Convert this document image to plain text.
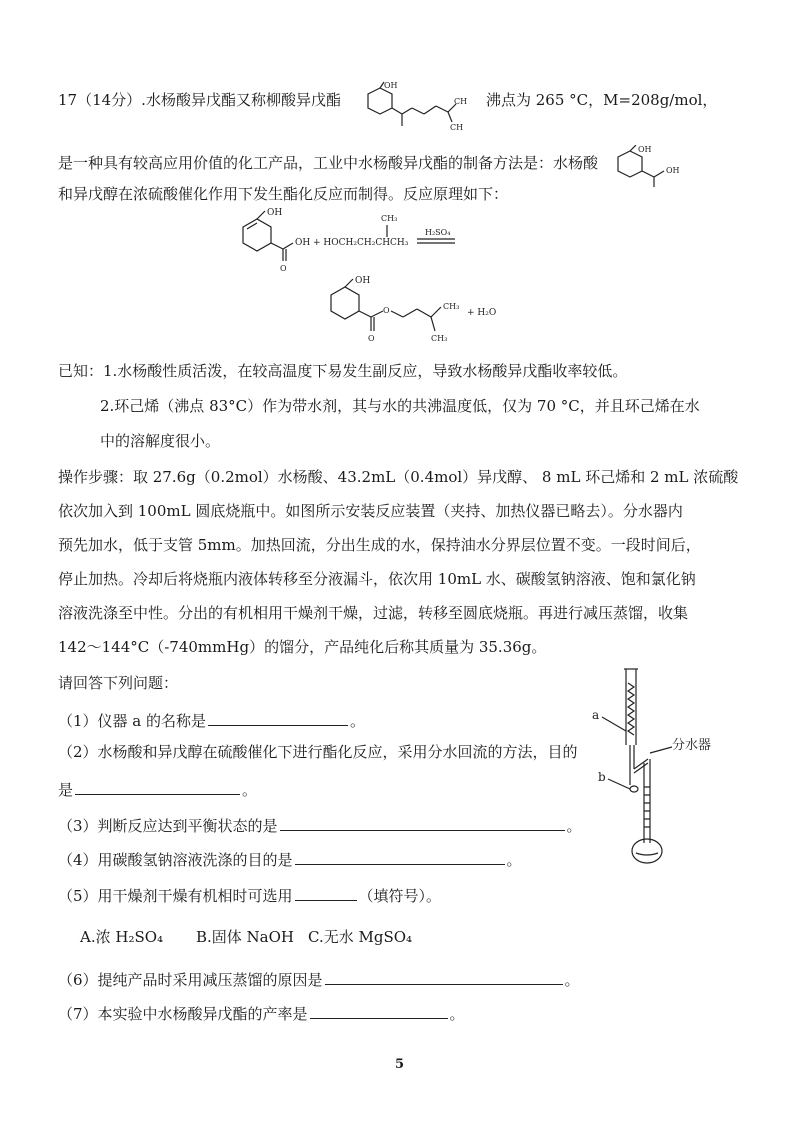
17（14分）.水杨酸异戊酯又称柳酸异戊酯
OH
CH
CH
沸点为 265 °C，M=208g/mol，
是一种具有较高应用价值的化工产品，工业中水杨酸异戊酯的制备方法是：水杨酸
OH
OH
和异戊醇在浓硫酸催化作用下发生酯化反应而制得。反应原理如下：
OH
O
OH + HOCH₂CH₂CHCH₃
CH₃
H₂SO₄
OH
O
O	CH₃
CH₃
+ H₂O
已知：1.水杨酸性质活泼，在较高温度下易发生副反应，导致水杨酸异戊酯收率较低。
2.环己烯（沸点 83°C）作为带水剂，其与水的共沸温度低，仅为 70 °C，并且环己烯在水
中的溶解度很小。
操作步骤：取 27.6g（0.2mol）水杨酸、43.2mL（0.4mol）异戊醇、 8 mL 环己烯和 2 mL 浓硫酸
依次加入到 100mL 圆底烧瓶中。如图所示安装反应装置（夹持、加热仪器已略去）。分水器内
预先加水，低于支管 5mm。加热回流，分出生成的水，保持油水分界层位置不变。一段时间后，
停止加热。冷却后将烧瓶内液体转移至分液漏斗，依次用 10mL 水、碳酸氢钠溶液、饱和氯化钠
溶液洗涤至中性。分出的有机相用干燥剂干燥，过滤，转移至圆底烧瓶。再进行减压蒸馏，收集
142～144°C（-740mmHg）的馏分，产品纯化后称其质量为 35.36g。
请回答下列问题：
（1）仪器 a 的名称是	。
（2）水杨酸和异戊醇在硫酸催化下进行酯化反应，采用分水回流的方法，目的
是	。
（3）判断反应达到平衡状态的是	。
（4）用碳酸氢钠溶液洗涤的目的是	。
（5）用干燥剂干燥有机相时可选用	（填符号）。
A.浓 H₂SO₄ B.固体 NaOH C.无水 MgSO₄
（6）提纯产品时采用减压蒸馏的原因是	。
（7）本实验中水杨酸异戊酯的产率是	。
a
b
分水器
5
